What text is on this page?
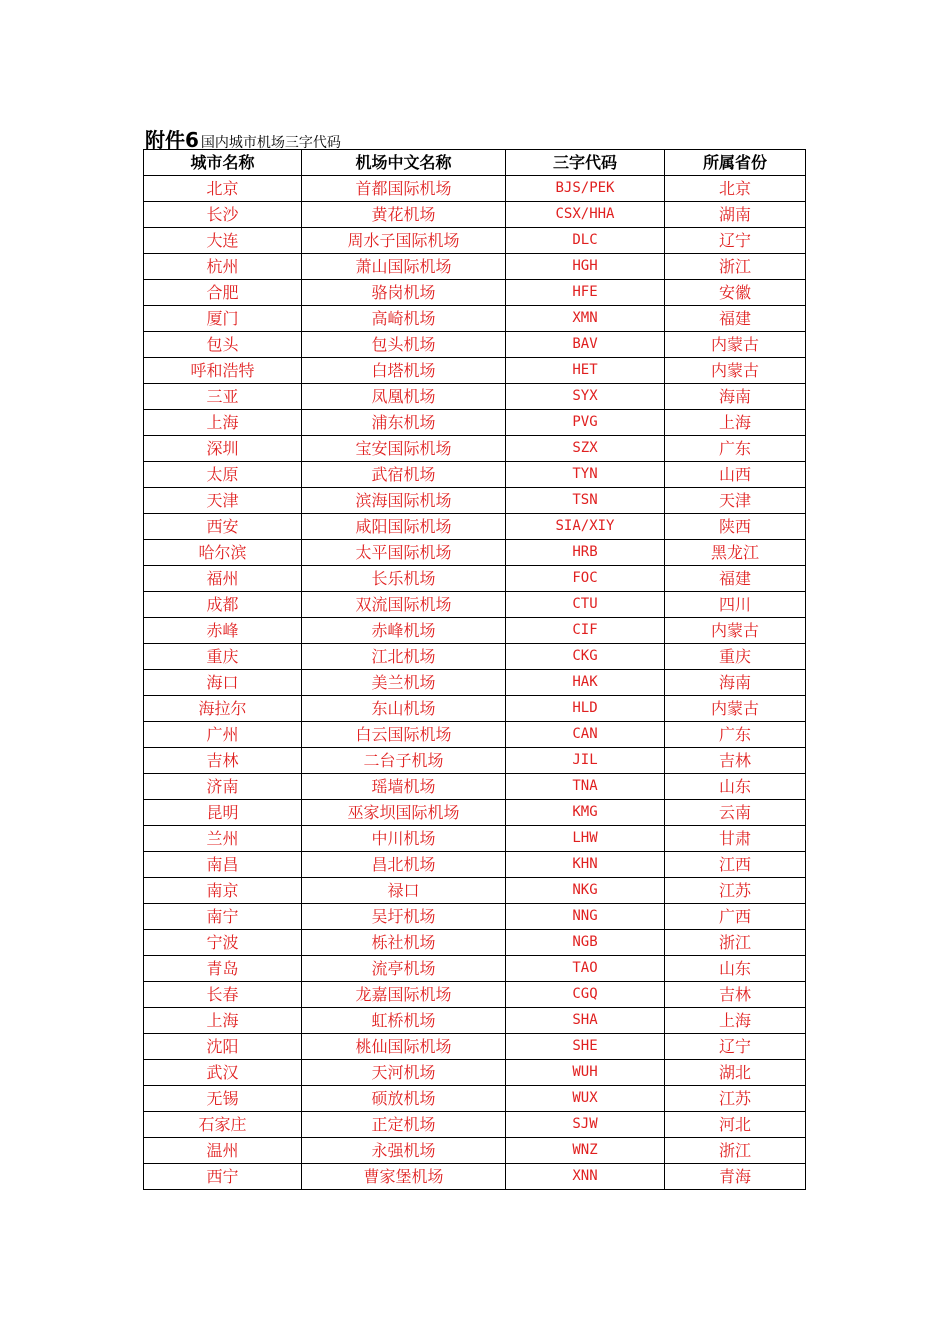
附件6 国内城市机场三字代码
城市名称	机场中文名称	三字代码	所属省份
北京	首都国际机场	BJS/PEK	北京
长沙	黄花机场	CSX/HHA	湖南
大连	周水子国际机场	DLC	辽宁
杭州	萧山国际机场	HGH	浙江
合肥	骆岗机场	HFE	安徽
厦门	高崎机场	XMN	福建
包头	包头机场	BAV	内蒙古
呼和浩特	白塔机场	HET	内蒙古
三亚	凤凰机场	SYX	海南
上海	浦东机场	PVG	上海
深圳	宝安国际机场	SZX	广东
太原	武宿机场	TYN	山西
天津	滨海国际机场	TSN	天津
西安	咸阳国际机场	SIA/XIY	陕西
哈尔滨	太平国际机场	HRB	黑龙江
福州	长乐机场	FOC	福建
成都	双流国际机场	CTU	四川
赤峰	赤峰机场	CIF	内蒙古
重庆	江北机场	CKG	重庆
海口	美兰机场	HAK	海南
海拉尔	东山机场	HLD	内蒙古
广州	白云国际机场	CAN	广东
吉林	二台子机场	JIL	吉林
济南	瑶墙机场	TNA	山东
昆明	巫家坝国际机场	KMG	云南
兰州	中川机场	LHW	甘肃
南昌	昌北机场	KHN	江西
南京	禄口	NKG	江苏
南宁	吴圩机场	NNG	广西
宁波	栎社机场	NGB	浙江
青岛	流亭机场	TAO	山东
长春	龙嘉国际机场	CGQ	吉林
上海	虹桥机场	SHA	上海
沈阳	桃仙国际机场	SHE	辽宁
武汉	天河机场	WUH	湖北
无锡	硕放机场	WUX	江苏
石家庄	正定机场	SJW	河北
温州	永强机场	WNZ	浙江
西宁	曹家堡机场	XNN	青海
